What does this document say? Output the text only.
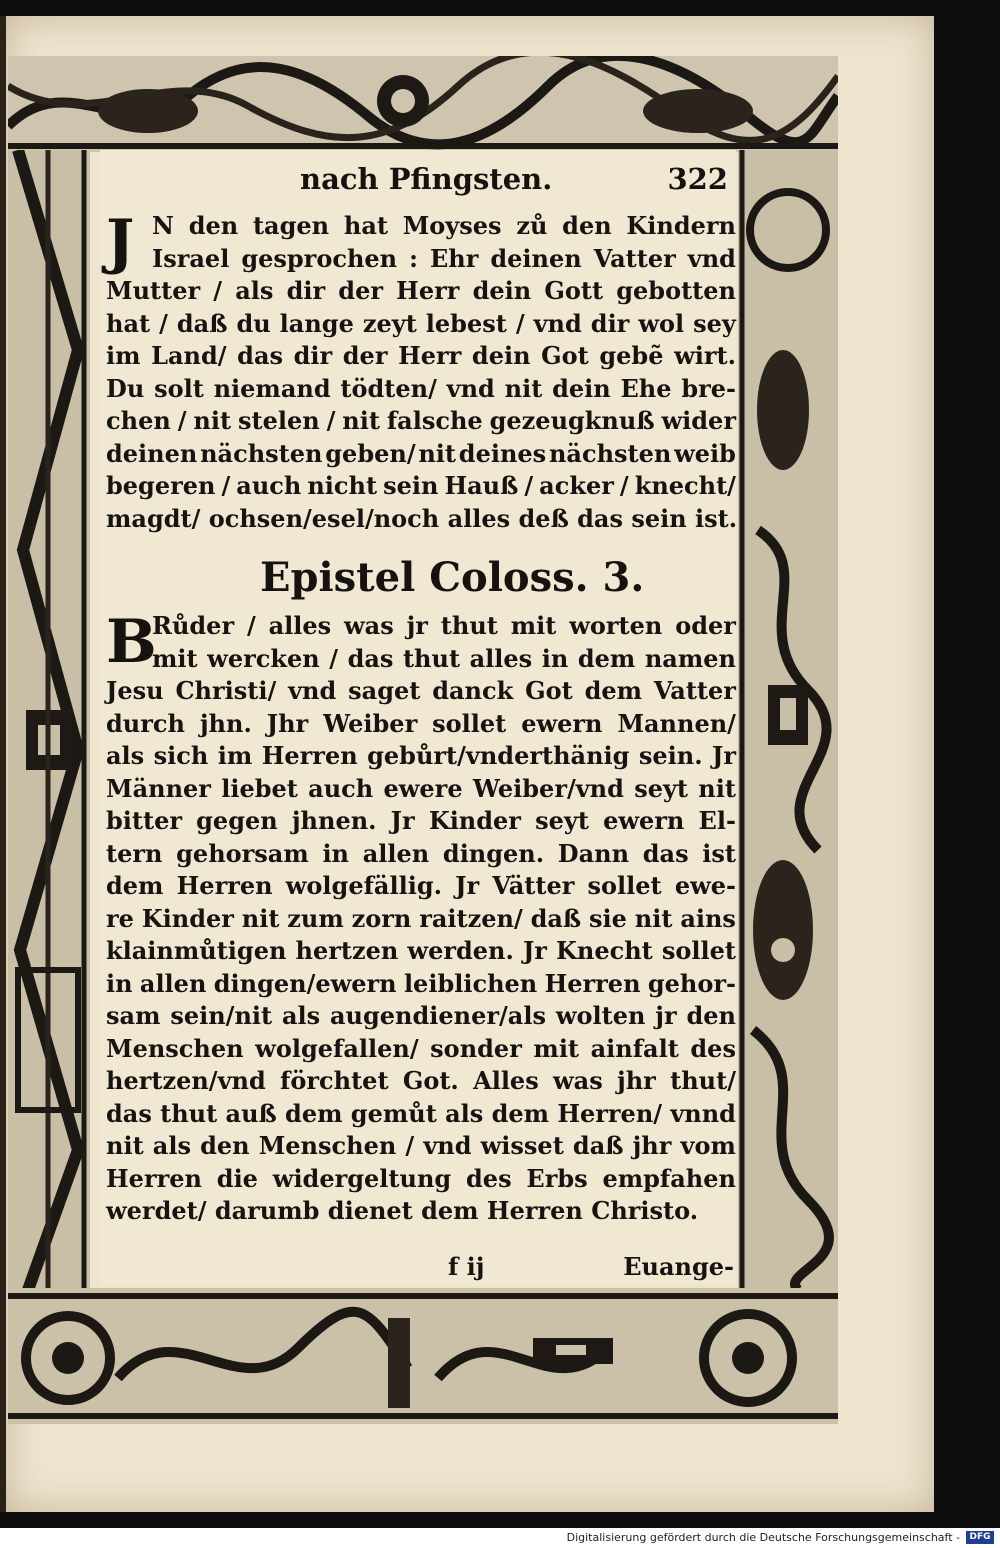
nach Pfingsten.	322
J N den tagen hat Moyses zů den Kindern
Israel gesprochen : Ehr deinen Vatter vnd
Mutter / als dir der Herr dein Gott gebotten
hat / daß du lange zeyt lebest / vnd dir wol sey
im Land/ das dir der Herr dein Got gebẽ wirt.
Du solt niemand tödten/ vnd nit dein Ehe bre-
chen / nit stelen / nit falsche gezeugknuß wider
deinen nächsten geben/ nit deines nächsten weib
begeren / auch nicht sein Hauß / acker / knecht/
magdt/ ochsen/esel/noch alles deß das sein ist.
Epistel Coloss. 3.
B
Růder / alles was jr thut mit worten oder
mit wercken / das thut alles in dem namen
Jesu Christi/ vnd saget danck Got dem Vatter
durch jhn. Jhr Weiber sollet ewern Mannen/
als sich im Herren gebůrt/vnderthänig sein. Jr
Männer liebet auch ewere Weiber/vnd seyt nit
bitter gegen jhnen. Jr Kinder seyt ewern El-
tern gehorsam in allen dingen. Dann das ist
dem Herren wolgefällig. Jr Vätter sollet ewe-
re Kinder nit zum zorn raitzen/ daß sie nit ains
klainmůtigen hertzen werden. Jr Knecht sollet
in allen dingen/ewern leiblichen Herren gehor-
sam sein/nit als augendiener/als wolten jr den
Menschen wolgefallen/ sonder mit ainfalt des
hertzen/vnd förchtet Got. Alles was jhr thut/
das thut auß dem gemůt als dem Herren/ vnnd
nit als den Menschen / vnd wisset daß jhr vom
Herren die widergeltung des Erbs empfahen
werdet/ darumb dienet dem Herren Christo.
f ij	Euange-
Digitalisierung gefördert durch die Deutsche Forschungsgemeinschaft -	DFG
